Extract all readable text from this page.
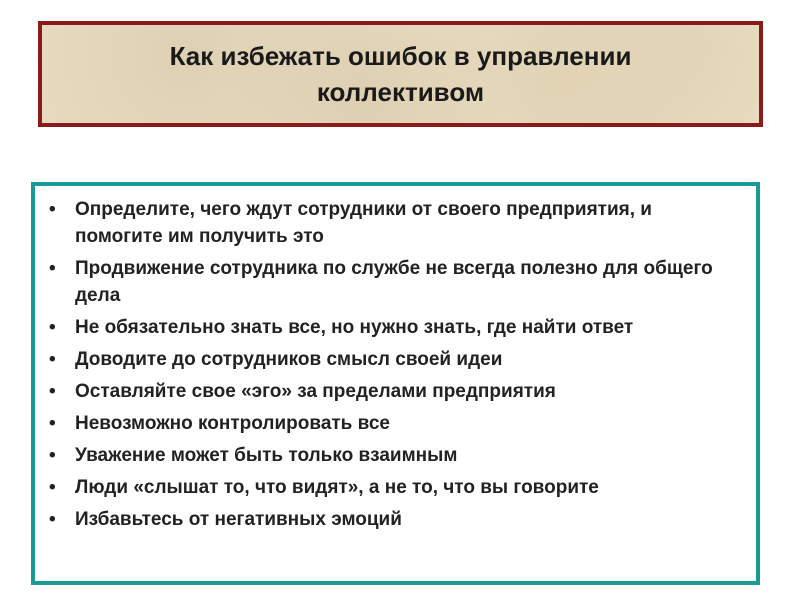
Как избежать ошибок в управлении
коллективом
• Определите, чего ждут сотрудники от своего предприятия, и помогите им получить это
• Продвижение сотрудника по службе не всегда полезно для общего дела
• Не обязательно знать все, но нужно знать, где найти ответ
• Доводите до сотрудников смысл своей идеи
• Оставляйте свое «эго» за пределами предприятия
• Невозможно контролировать все
• Уважение может быть только взаимным
• Люди «слышат то, что видят», а не то, что вы говорите
• Избавьтесь от негативных эмоций
